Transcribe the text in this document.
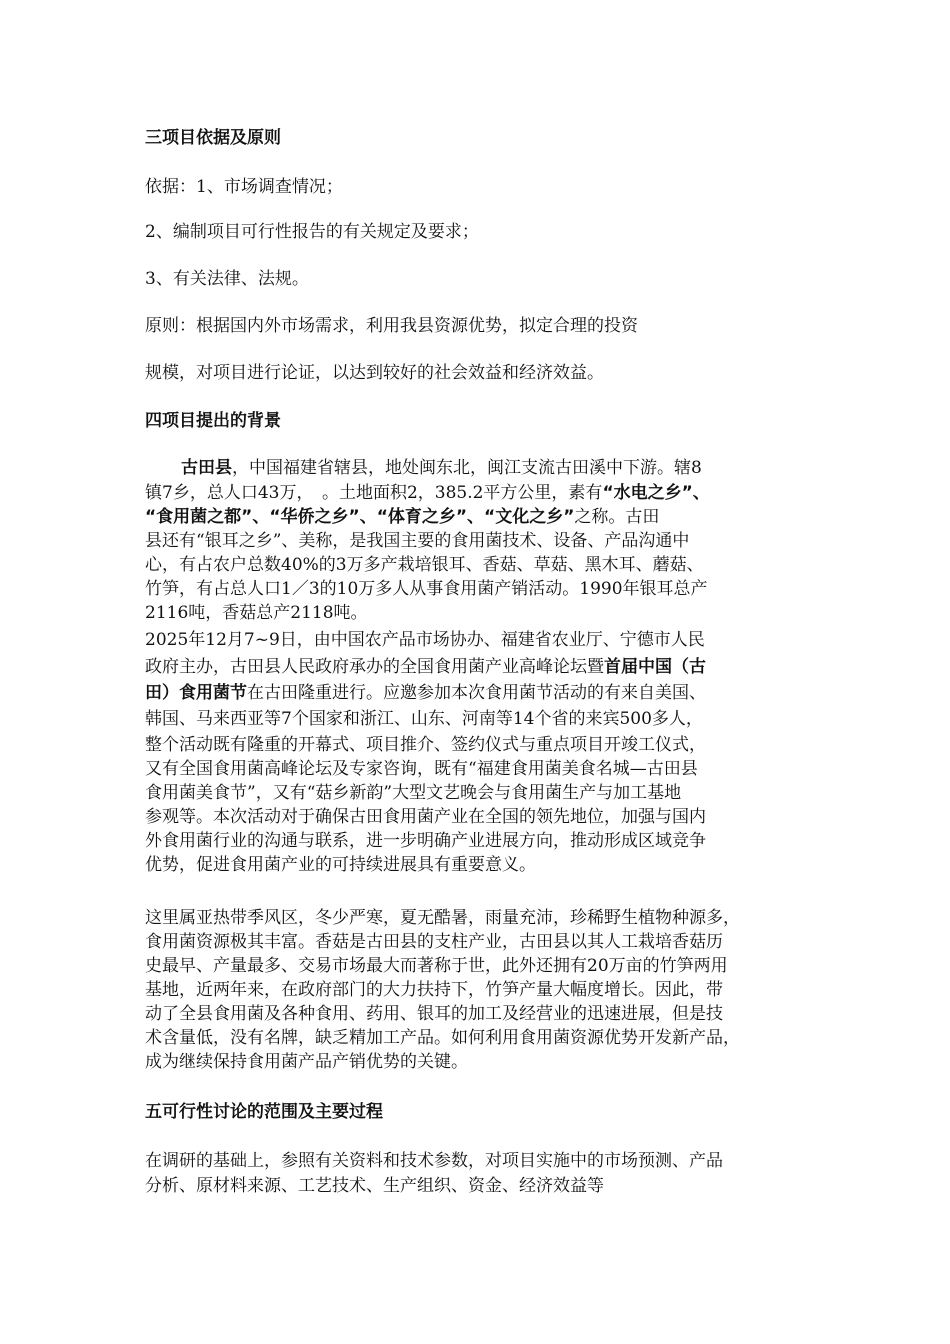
三项目依据及原则
依据：1、市场调查情况；
2、编制项目可行性报告的有关规定及要求；
3、有关法律、法规。
原则：根据国内外市场需求，利用我县资源优势，拟定合理的投资
规模，对项目进行论证，以达到较好的社会效益和经济效益。
四项目提出的背景
古田县，中国福建省辖县，地处闽东北，闽江支流古田溪中下游。辖8
镇7乡，总人口43万，　。土地面积2，385.2平方公里，素有“水电之乡”、
“食用菌之都”、“华侨之乡”、“体育之乡”、“文化之乡”之称。古田
县还有“银耳之乡”、美称，是我国主要的食用菌技术、设备、产品沟通中
心，有占农户总数40%的3万多产栽培银耳、香菇、草菇、黑木耳、蘑菇、
竹笋，有占总人口1／3的10万多人从事食用菌产销活动。1990年银耳总产
2116吨，香菇总产2118吨。
2025年12月7~9日，由中国农产品市场协办、福建省农业厅、宁德市人民
政府主办，古田县人民政府承办的全国食用菌产业高峰论坛暨首届中国（古
田）食用菌节在古田隆重进行。应邀参加本次食用菌节活动的有来自美国、
韩国、马来西亚等7个国家和浙江、山东、河南等14个省的来宾500多人，
整个活动既有隆重的开幕式、项目推介、签约仪式与重点项目开竣工仪式，
又有全国食用菌高峰论坛及专家咨询，既有“福建食用菌美食名城—古田县
食用菌美食节”，又有“菇乡新韵”大型文艺晚会与食用菌生产与加工基地
参观等。本次活动对于确保古田食用菌产业在全国的领先地位，加强与国内
外食用菌行业的沟通与联系，进一步明确产业进展方向，推动形成区域竞争
优势，促进食用菌产业的可持续进展具有重要意义。
这里属亚热带季风区，冬少严寒，夏无酷暑，雨量充沛，珍稀野生植物种源多，
食用菌资源极其丰富。香菇是古田县的支柱产业，古田县以其人工栽培香菇历
史最早、产量最多、交易市场最大而著称于世，此外还拥有20万亩的竹笋两用
基地，近两年来，在政府部门的大力扶持下，竹笋产量大幅度增长。因此，带
动了全县食用菌及各种食用、药用、银耳的加工及经营业的迅速进展，但是技
术含量低，没有名牌，缺乏精加工产品。如何利用食用菌资源优势开发新产品，
成为继续保持食用菌产品产销优势的关键。
五可行性讨论的范围及主要过程
在调研的基础上，参照有关资料和技术参数，对项目实施中的市场预测、产品
分析、原材料来源、工艺技术、生产组织、资金、经济效益等
